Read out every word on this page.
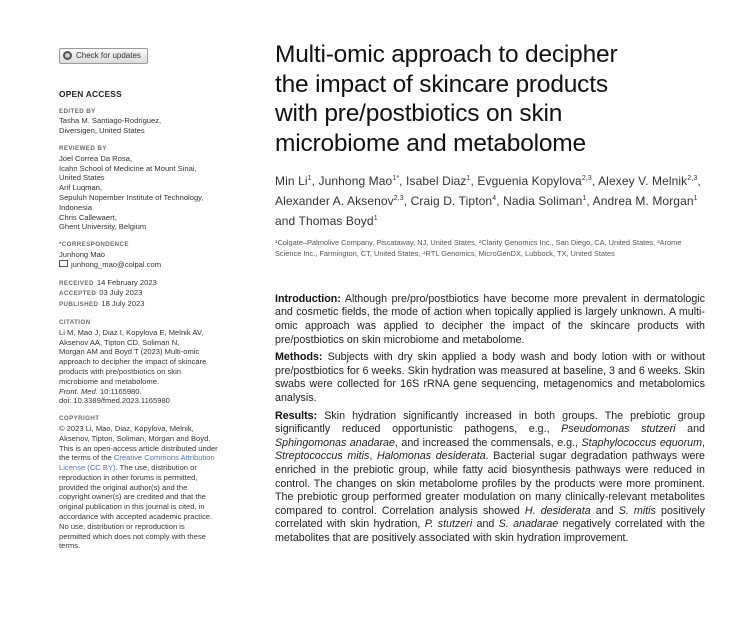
Check for updates
OPEN ACCESS
EDITED BY
Tasha M. Santiago-Rodriguez,
Diversigen, United States
REVIEWED BY
Joel Correa Da Rosa,
Icahn School of Medicine at Mount Sinai,
United States
Arif Luqman,
Sepuluh Nopember Institute of Technology,
Indonesia
Chris Callewaert,
Ghent University, Belgium
*CORRESPONDENCE
Junhong Mao
junhong_mao@colpal.com
RECEIVED 14 February 2023
ACCEPTED 03 July 2023
PUBLISHED 18 July 2023
CITATION
Li M, Mao J, Diaz I, Kopylova E, Melnik AV,
Aksenov AA, Tipton CD, Soliman N,
Morgan AM and Boyd T (2023) Multi-omic
approach to decipher the impact of skincare
products with pre/postbiotics on skin
microbiome and metabolome.
Front. Med. 10:1165980.
doi: 10.3389/fmed.2023.1165980
COPYRIGHT
© 2023 Li, Mao, Diaz, Kopylova, Melnik,
Aksenov, Tipton, Soliman, Morgan and Boyd.
This is an open-access article distributed under
the terms of the Creative Commons Attribution
License (CC BY). The use, distribution or
reproduction in other forums is permitted,
provided the original author(s) and the
copyright owner(s) are credited and that the
original publication in this journal is cited, in
accordance with accepted academic practice.
No use, distribution or reproduction is
permitted which does not comply with these
terms.
Multi-omic approach to decipher
the impact of skincare products
with pre/postbiotics on skin
microbiome and metabolome
Min Li$^1$, Junhong Mao$^{1*}$, Isabel Diaz$^1$, Evguenia Kopylova$^{2,3}$, Alexey V. Melnik$^{2,3}$, Alexander A. Aksenov$^{2,3}$, Craig D. Tipton$^4$, Nadia Soliman$^1$, Andrea M. Morgan$^1$ and Thomas Boyd$^1$
¹Colgate–Palmolive Company, Piscataway, NJ, United States, ²Clarity Genomics Inc., San Diego, CA, United States, ³Arome Science Inc., Farmington, CT, United States, ⁴RTL Genomics, MicroGenDX, Lubbock, TX, United States

Introduction: Although pre/pro/postbiotics have become more prevalent in dermatologic and cosmetic fields, the mode of action when topically applied is largely unknown. A multi-omic approach was applied to decipher the impact of the skincare products with pre/postbiotics on skin microbiome and metabolome.

Methods: Subjects with dry skin applied a body wash and body lotion with or without pre/postbiotics for 6 weeks. Skin hydration was measured at baseline, 3 and 6 weeks. Skin swabs were collected for 16S rRNA gene sequencing, metagenomics and metabolomics analysis.

Results: Skin hydration significantly increased in both groups. The prebiotic group significantly reduced opportunistic pathogens, e.g., Pseudomonas stutzeri and Sphingomonas anadarae, and increased the commensals, e.g., Staphylococcus equorum, Streptococcus mitis, Halomonas desiderata. Bacterial sugar degradation pathways were enriched in the prebiotic group, while fatty acid biosynthesis pathways were reduced in control. The changes on skin metabolome profiles by the products were more prominent. The prebiotic group performed greater modulation on many clinically-relevant metabolites compared to control. Correlation analysis showed H. desiderata and S. mitis positively correlated with skin hydration, P. stutzeri and S. anadarae negatively correlated with the metabolites that are positively associated with skin hydration improvement.
